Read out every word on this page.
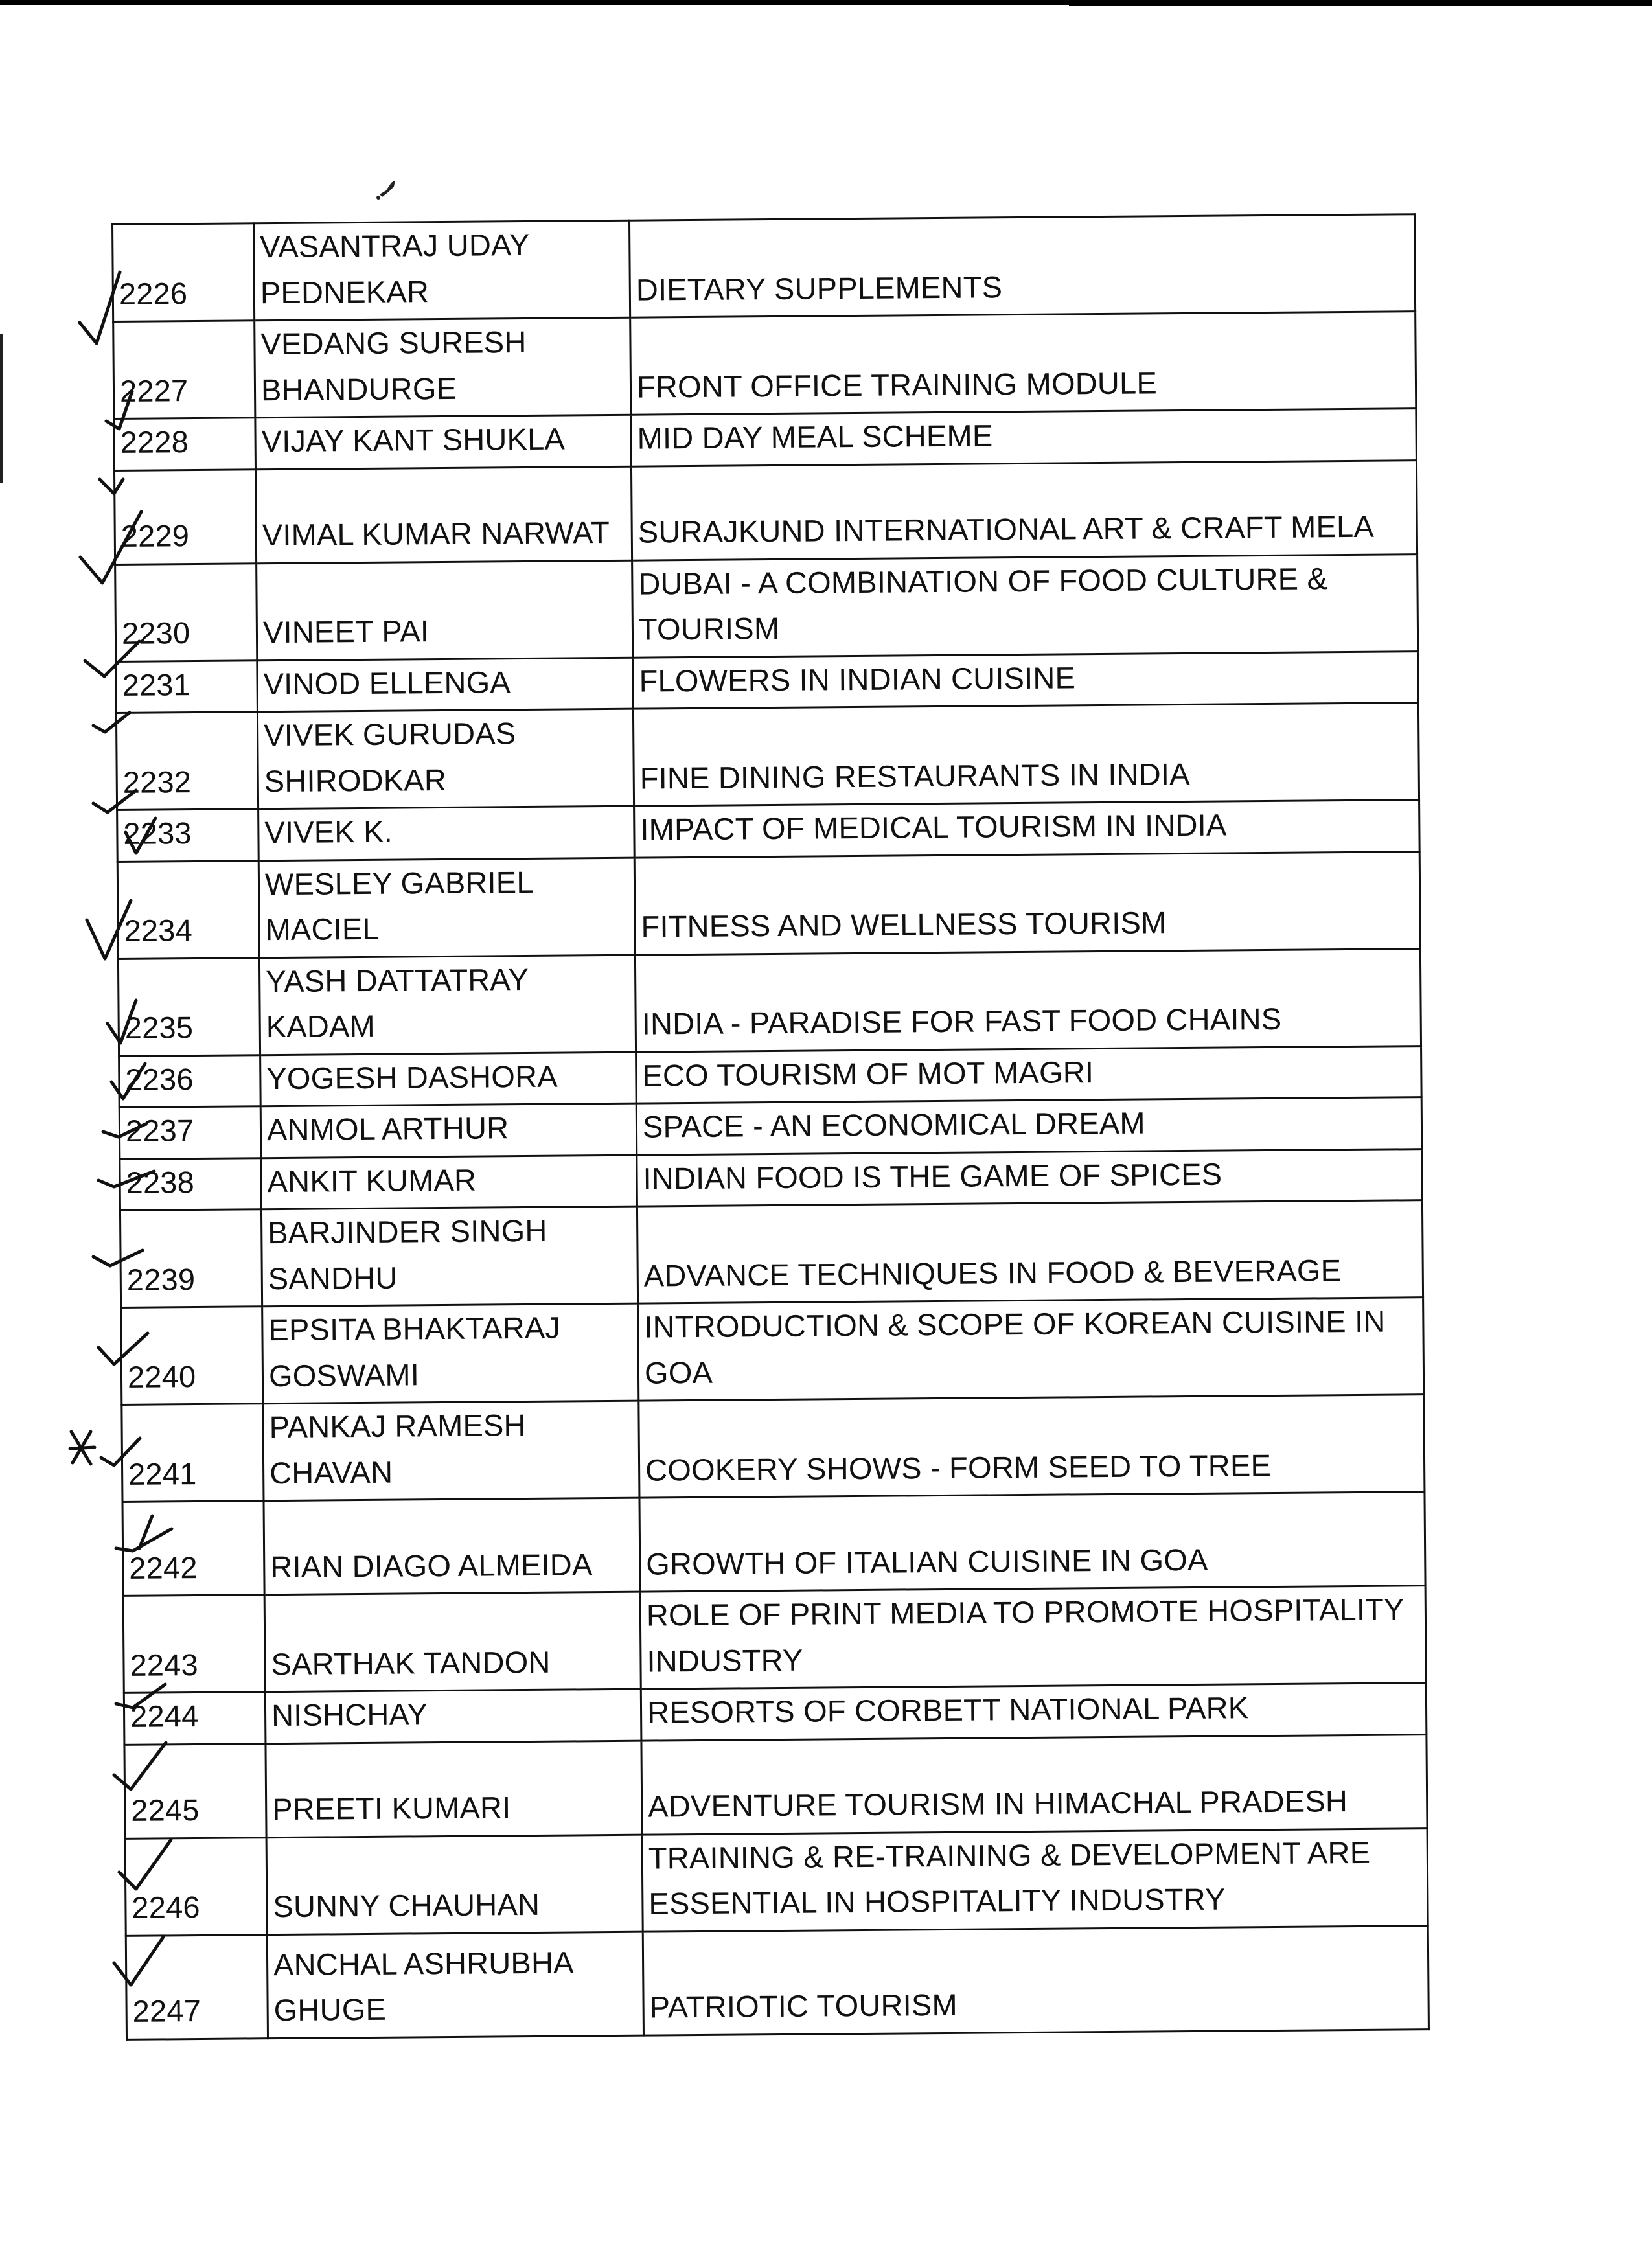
2226	VASANTRAJ UDAY
PEDNEKAR	DIETARY SUPPLEMENTS

2227	VEDANG SURESH
BHANDURGE	FRONT OFFICE TRAINING MODULE

2228	VIJAY KANT SHUKLA	MID DAY MEAL SCHEME

2229	VIMAL KUMAR NARWAT	SURAJKUND INTERNATIONAL ART & CRAFT MELA

2230	VINEET PAI	DUBAI - A COMBINATION OF FOOD CULTURE &
TOURISM

2231	VINOD ELLENGA	FLOWERS IN INDIAN CUISINE

2232	VIVEK GURUDAS
SHIRODKAR	FINE DINING RESTAURANTS IN INDIA

2233	VIVEK K.	IMPACT OF MEDICAL TOURISM IN INDIA

2234	WESLEY GABRIEL
MACIEL	FITNESS AND WELLNESS TOURISM

2235	YASH DATTATRAY
KADAM	INDIA - PARADISE FOR FAST FOOD CHAINS

2236	YOGESH DASHORA	ECO TOURISM OF MOT MAGRI

2237	ANMOL ARTHUR	SPACE - AN ECONOMICAL DREAM

2238	ANKIT KUMAR	INDIAN FOOD IS THE GAME OF SPICES

2239	BARJINDER SINGH
SANDHU	ADVANCE TECHNIQUES IN FOOD & BEVERAGE

2240	EPSITA BHAKTARAJ
GOSWAMI	INTRODUCTION & SCOPE OF KOREAN CUISINE IN
GOA

2241	PANKAJ RAMESH
CHAVAN	COOKERY SHOWS - FORM SEED TO TREE

2242	RIAN DIAGO ALMEIDA	GROWTH OF ITALIAN CUISINE IN GOA

2243	SARTHAK TANDON	ROLE OF PRINT MEDIA TO PROMOTE HOSPITALITY
INDUSTRY

2244	NISHCHAY	RESORTS OF CORBETT NATIONAL PARK

2245	PREETI KUMARI	ADVENTURE TOURISM IN HIMACHAL PRADESH

2246	SUNNY CHAUHAN	TRAINING & RE-TRAINING & DEVELOPMENT ARE
ESSENTIAL IN HOSPITALITY INDUSTRY

2247	ANCHAL ASHRUBHA
GHUGE	PATRIOTIC TOURISM
